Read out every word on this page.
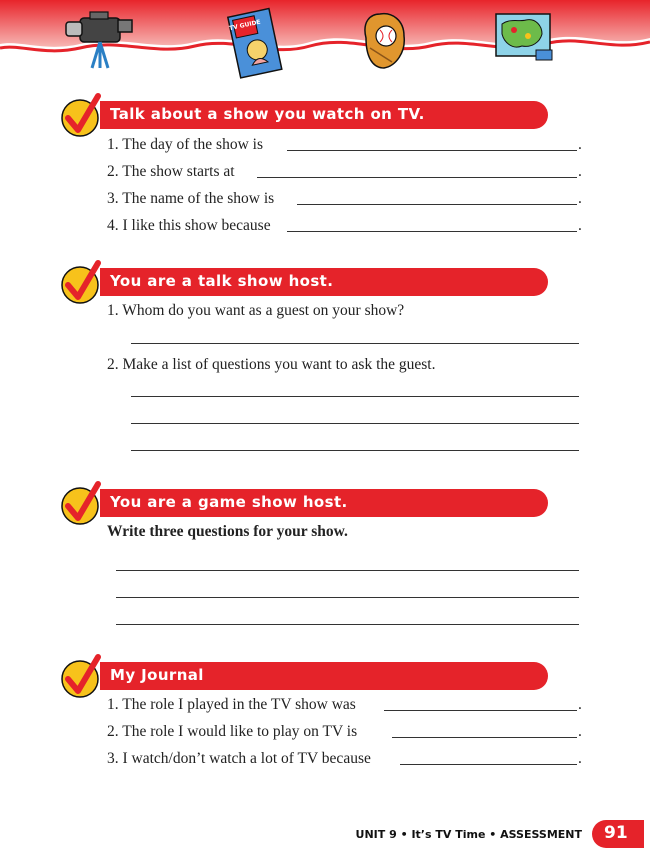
TV GUIDE
Talk about a show you watch on TV.
1. The day of the show is	.
2. The show starts at	.
3. The name of the show is	.
4. I like this show because	.
You are a talk show host.
1. Whom do you want as a guest on your show?
2. Make a list of questions you want to ask the guest.
You are a game show host.
Write three questions for your show.
My Journal
1. The role I played in the TV show was	.
2. The role I would like to play on TV is	.
3. I watch/don’t watch a lot of TV because	.
UNIT 9 • It’s TV Time • ASSESSMENT 91
